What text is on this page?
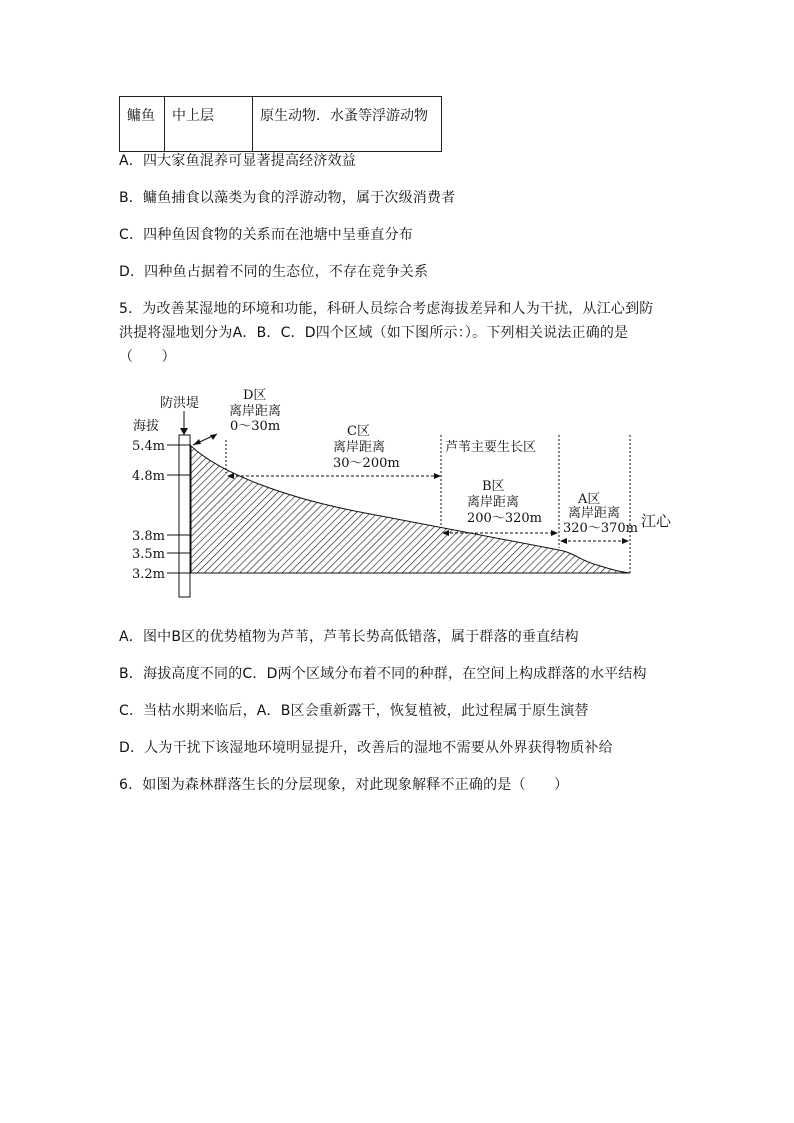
鳙鱼	中上层	原生动物．水蚤等浮游动物
A．四大家鱼混养可显著提高经济效益
B．鳙鱼捕食以藻类为食的浮游动物，属于次级消费者
C．四种鱼因食物的关系而在池塘中呈垂直分布
D．四种鱼占据着不同的生态位，不存在竞争关系
5．为改善某湿地的环境和功能，科研人员综合考虑海拔差异和人为干扰，从江心到防
洪提将湿地划分为A．B．C．D四个区域（如下图所示：）。下列相关说法正确的是
（　　）
防洪堤
海拔
5.4m
4.8m
3.8m
3.5m
3.2m
D区
离岸距离
0～30m	C区
离岸距离
30～200m
芦苇主要生长区
B区
离岸距离
200～320m
A区
离岸距离
320～370m 江心
A．图中B区的优势植物为芦苇，芦苇长势高低错落，属于群落的垂直结构
B．海拔高度不同的C．D两个区域分布着不同的种群，在空间上构成群落的水平结构
C．当枯水期来临后，A．B区会重新露干，恢复植被，此过程属于原生演替
D．人为干扰下该湿地环境明显提升，改善后的湿地不需要从外界获得物质补给
6．如图为森林群落生长的分层现象，对此现象解释不正确的是（　　）
